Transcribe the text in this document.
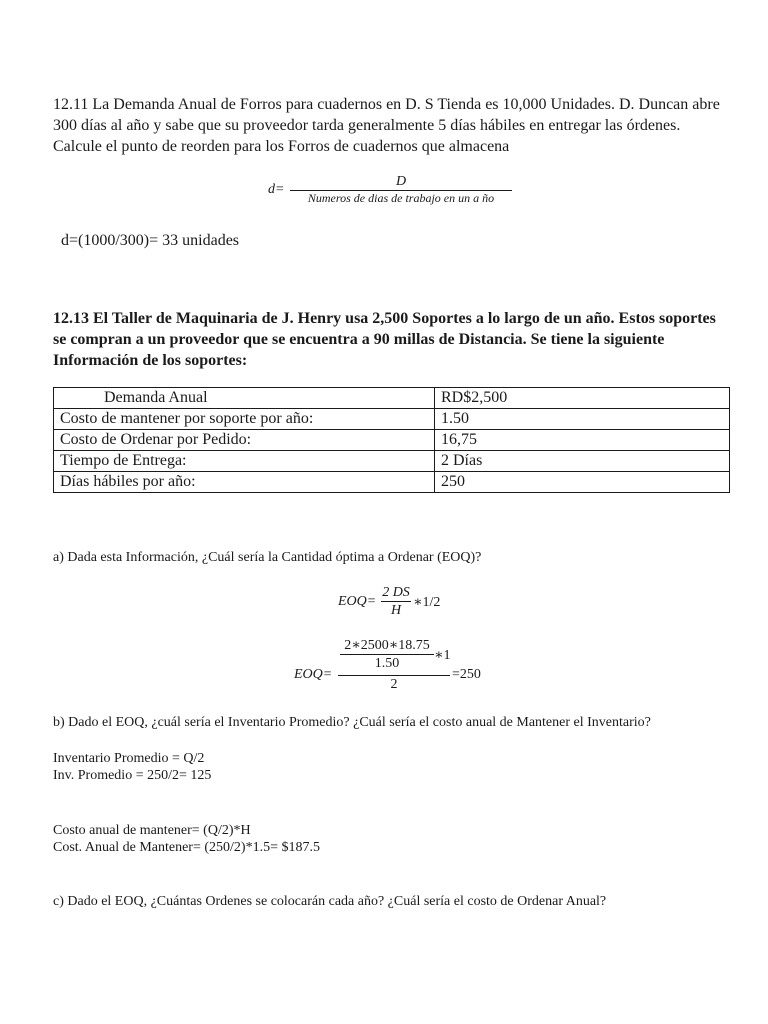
12.11 La Demanda Anual de Forros para cuadernos en D. S Tienda es 10,000 Unidades. D. Duncan abre 300 días al año y sabe que su proveedor tarda generalmente 5 días hábiles en entregar las órdenes. Calcule el punto de reorden para los Forros de cuadernos que almacena
d=
D
Numeros de dias de trabajo en un a ño
d=(1000/300)= 33 unidades
12.13 El Taller de Maquinaria de J. Henry usa 2,500 Soportes a lo largo de un año. Estos soportes se compran a un proveedor que se encuentra a 90 millas de Distancia. Se tiene la siguiente Información de los soportes:
Demanda Anual	RD$2,500
Costo de mantener por soporte por año:	1.50
Costo de Ordenar por Pedido:	16,75
Tiempo de Entrega:	2 Días
Días hábiles por año:	250
a) Dada esta Información, ¿Cuál sería la Cantidad óptima a Ordenar (EOQ)?
$EOQ= \frac{2 DS}{H}$ ∗1/2
$EOQ= \frac{\frac{2∗2500∗18.75}{1.50} ∗1}{2} =250$
b) Dado el EOQ, ¿cuál sería el Inventario Promedio? ¿Cuál sería el costo anual de Mantener el Inventario?
Inventario Promedio = Q/2
Inv. Promedio = 250/2= 125
Costo anual de mantener= (Q/2)*H
Cost. Anual de Mantener= (250/2)*1.5= $187.5
c) Dado el EOQ, ¿Cuántas Ordenes se colocarán cada año? ¿Cuál sería el costo de Ordenar Anual?
